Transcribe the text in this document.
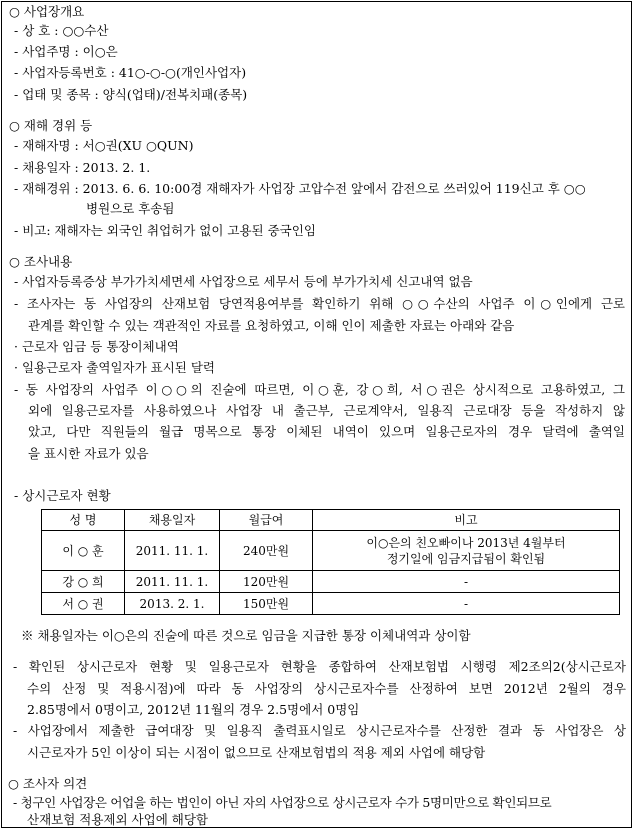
○ 사업장개요
- 상 호 : ○○수산
- 사업주명 : 이○은
- 사업자등록번호 : 41○-○-○(개인사업자)
- 업태 및 종목 : 양식(업태)/전복치패(종목)
○ 재해 경위 등
- 재해자명 : 서○권(XU ○QUN)
- 채용일자 : 2013. 2. 1.
- 재해경위 : 2013. 6. 6. 10:00경 재해자가 사업장 고압수전 앞에서 감전으로 쓰러있어 119신고 후 ○○
병원으로 후송됨
- 비고: 재해자는 외국인 취업허가 없이 고용된 중국인임
○ 조사내용
- 사업자등록증상 부가가치세면세 사업장으로 세무서 등에 부가가치세 신고내역 없음
- 조사자는 동 사업장의 산재보험 당연적용여부를 확인하기 위해 ○○수산의 사업주 이○인에게 근로
관계를 확인할 수 있는 객관적인 자료를 요청하였고, 이해 인이 제출한 자료는 아래와 같음
· 근로자 임금 등 통장이체내역
· 일용근로자 출역일자가 표시된 달력
- 동 사업장의 사업주 이○○의 진술에 따르면, 이○훈, 강○희, 서○권은 상시적으로 고용하였고, 그
외에 일용근로자를 사용하였으나 사업장 내 출근부, 근로계약서, 일용직 근로대장 등을 작성하지 않
았고, 다만 직원들의 월급 명목으로 통장 이체된 내역이 있으며 일용근로자의 경우 달력에 출역일
을 표시한 자료가 있음
- 상시근로자 현황
성 명	채용일자	월급여	비고
이 ○ 훈	2011. 11. 1.	240만원	이○은의 친오빠이나 2013년 4월부터
정기일에 임금지급됨이 확인됨

강 ○ 희	2011. 11. 1.	120만원	-
서 ○ 권	2013. 2. 1.	150만원	-
※ 채용일자는 이○은의 진술에 따른 것으로 임금을 지급한 통장 이체내역과 상이함
- 확인된 상시근로자 현황 및 일용근로자 현황을 종합하여 산재보험법 시행령 제2조의2(상시근로자
수의 산정 및 적용시점)에 따라 동 사업장의 상시근로자수를 산정하여 보면 2012년 2월의 경우
2.85명에서 0명이고, 2012년 11월의 경우 2.5명에서 0명임
- 사업장에서 제출한 급여대장 및 일용직 출력표시일로 상시근로자수를 산정한 결과 동 사업장은 상
시근로자가 5인 이상이 되는 시점이 없으므로 산재보험법의 적용 제외 사업에 해당함
○ 조사자 의견
- 청구인 사업장은 어업을 하는 법인이 아닌 자의 사업장으로 상시근로자 수가 5명미만으로 확인되므로
산재보험 적용제외 사업에 해당함
